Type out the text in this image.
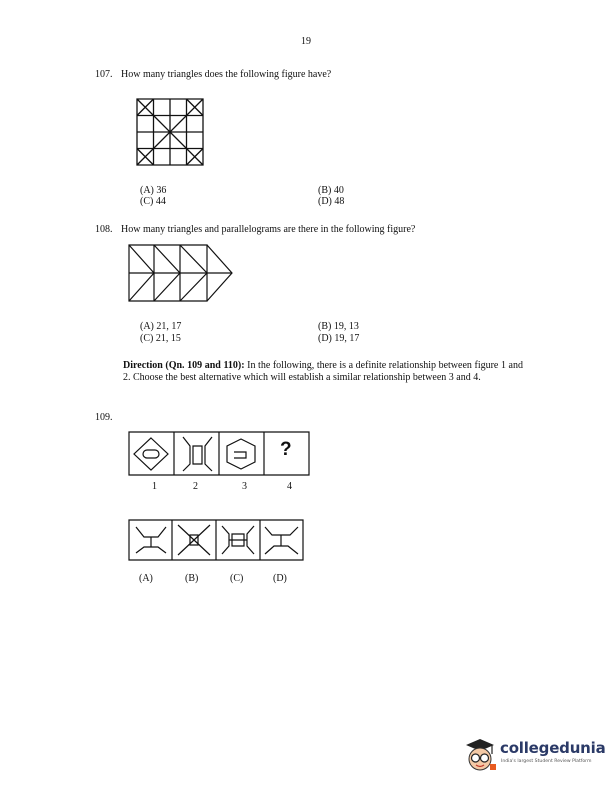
19
107. How many triangles does the following figure have?
(A) 36	(B) 40
(C) 44	(D) 48
108. How many triangles and parallelograms are there in the following figure?
(A) 21, 17	(B) 19, 13
(C) 21, 15	(D) 19, 17
Direction (Qn. 109 and 110): In the following, there is a definite relationship between figure 1 and 2. Choose the best alternative which will establish a similar relationship between 3 and 4.
109.
?
1	2	3	4
(A)	(B)	(C)	(D)
collegedunia
India's largest Student Review Platform
